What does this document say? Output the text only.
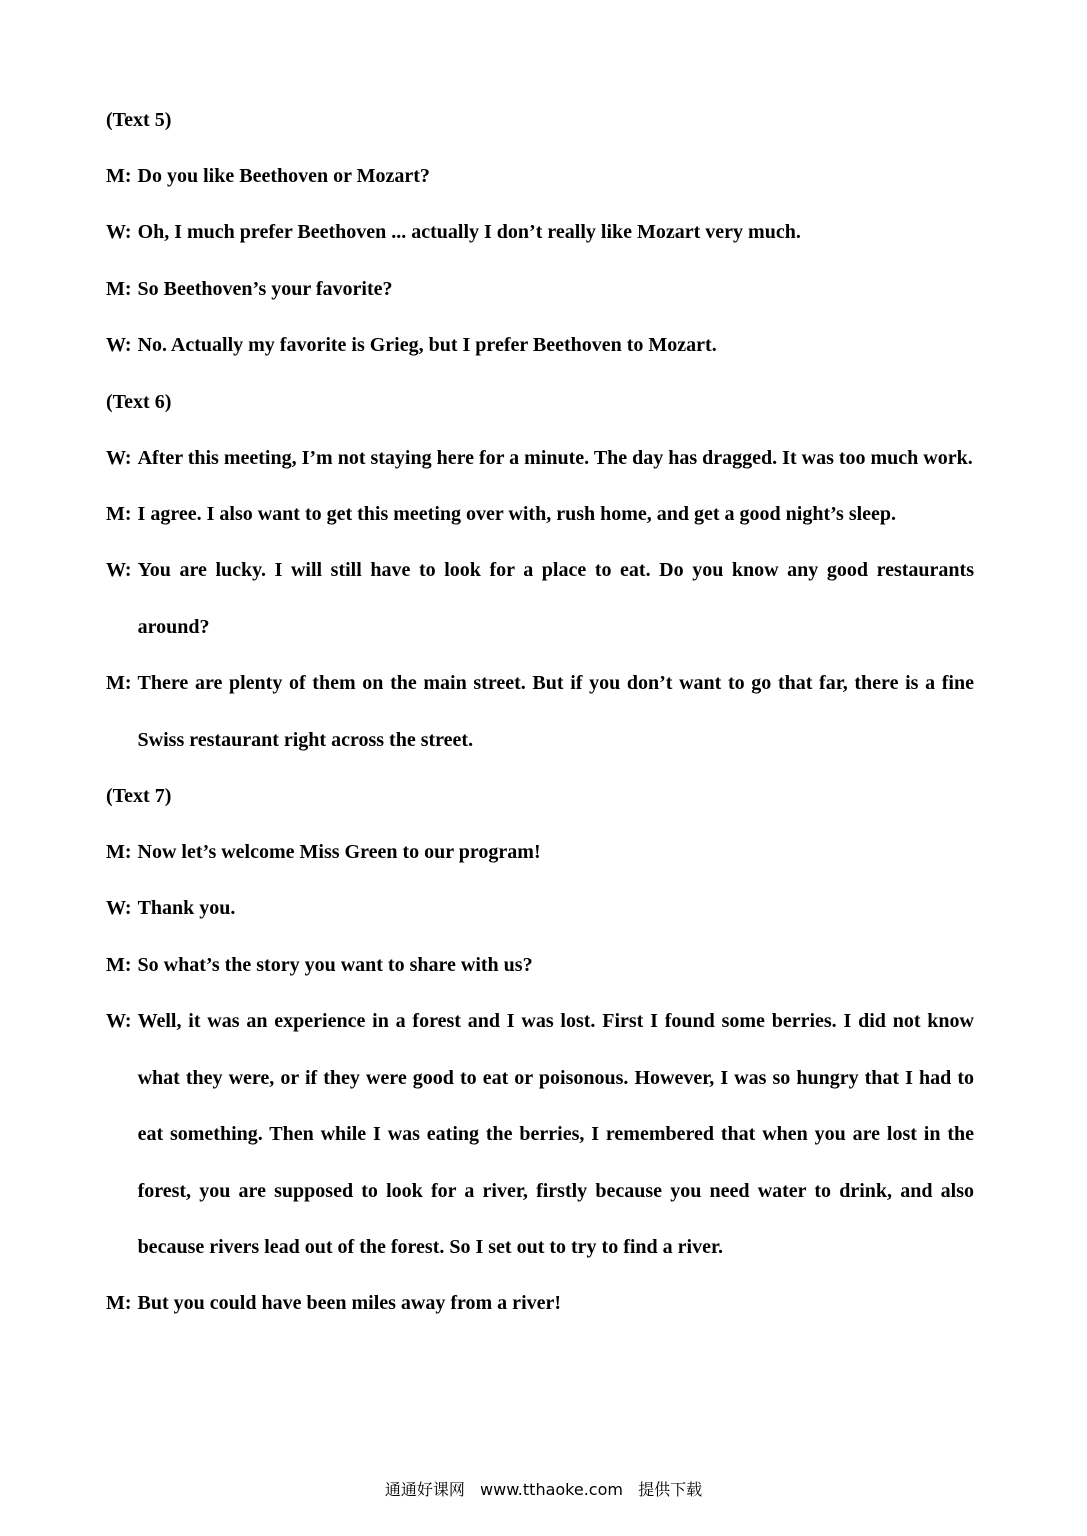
(Text 5)
M: Do you like Beethoven or Mozart?
W: Oh, I much prefer Beethoven ... actually I don’t really like Mozart very much.
M: So Beethoven’s your favorite?
W: No. Actually my favorite is Grieg, but I prefer Beethoven to Mozart.
(Text 6)
W: After this meeting, I’m not staying here for a minute. The day has dragged. It was too much work.
M: I agree. I also want to get this meeting over with, rush home, and get a good night’s sleep.
W: You are lucky. I will still have to look for a place to eat. Do you know any good restaurants around?
M: There are plenty of them on the main street. But if you don’t want to go that far, there is a fine Swiss restaurant right across the street.
(Text 7)
M: Now let’s welcome Miss Green to our program!
W: Thank you.
M: So what’s the story you want to share with us?
W: Well, it was an experience in a forest and I was lost. First I found some berries. I did not know what they were, or if they were good to eat or poisonous. However, I was so hungry that I had to eat something. Then while I was eating the berries, I remembered that when you are lost in the forest, you are supposed to look for a river, firstly because you need water to drink, and also because rivers lead out of the forest. So I set out to try to find a river.
M: But you could have been miles away from a river!
通通好课网 www.tthaoke.com 提供下载
